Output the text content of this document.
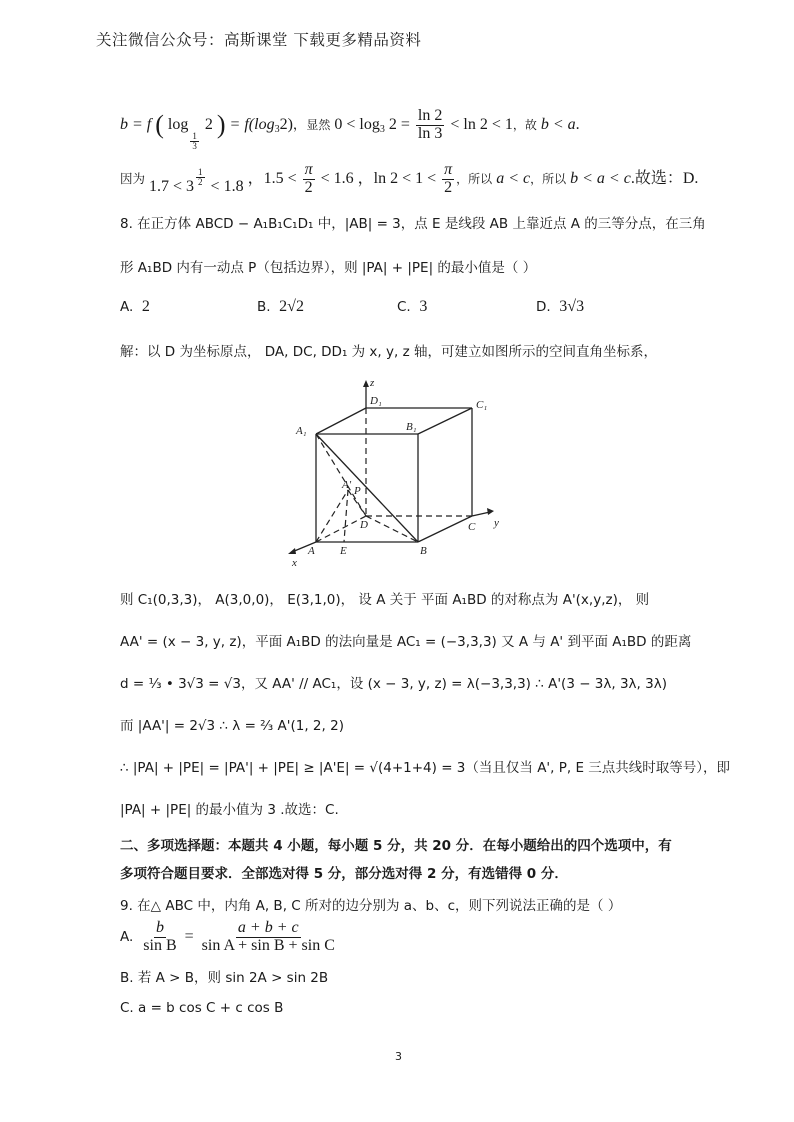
关注微信公众号：高斯课堂 下载更多精品资料
b = f ( log
$\frac{1}{3}$
2 ) = $f(\log_32)$，显然 $0 < \log_3 2 = \frac{\ln 2}{\ln 3} < \ln 2 < 1$，故 b < a.
因为 $1.7 < 3 \frac{1}{2} < 1.8$ ，$1.5 < \frac{\pi}{2} < 1.6$ ，$\ln 2 < 1 < \frac{\pi}{2}$ ，所以 a < c，所以 b < a < c.故选：D.
8. 在正方体 ABCD − A₁B₁C₁D₁ 中，|AB| = 3，点 E 是线段 AB 上靠近点 A 的三等分点，在三角
形 A₁BD 内有一动点 P（包括边界），则 |PA| + |PE| 的最小值是（ ）
A. 2	B. 2√2	C. 3	D. 3√3
解：以 D 为坐标原点， DA, DC, DD₁ 为 x, y, z 轴，可建立如图所示的空间直角坐标系，
z
D₁	C₁
A₁	B₁
A' P
D	C y
x
A E	B
则 C₁(0,3,3)， A(3,0,0)， E(3,1,0)， 设 A 关于 平面 A₁BD 的对称点为 A'(x,y,z)， 则
AA' = (x − 3, y, z)，平面 A₁BD 的法向量是 AC₁ = (−3,3,3) 又 A 与 A' 到平面 A₁BD 的距离
d = ⅓ • 3√3 = √3，又 AA' // AC₁，设 (x − 3, y, z) = λ(−3,3,3) ∴ A'(3 − 3λ, 3λ, 3λ)
而 |AA'| = 2√3 ∴ λ = ⅔ A'(1, 2, 2)
∴ |PA| + |PE| = |PA'| + |PE| ≥ |A'E| = √(4+1+4) = 3（当且仅当 A', P, E 三点共线时取等号），即
|PA| + |PE| 的最小值为 3 .故选：C.
二、多项选择题：本题共 4 小题，每小题 5 分，共 20 分．在每小题给出的四个选项中，有
多项符合题目要求．全部选对得 5 分，部分选对得 2 分，有选错得 0 分．
9. 在△ ABC 中，内角 A, B, C 所对的边分别为 a、b、c，则下列说法正确的是（ ）
A. $\frac{b}{\text{sin B}} = \frac{a + b + c}{\text{sin A + sin B + sin C}}$
B. 若 A > B，则 sin 2A > sin 2B
C. a = b cos C + c cos B
3
